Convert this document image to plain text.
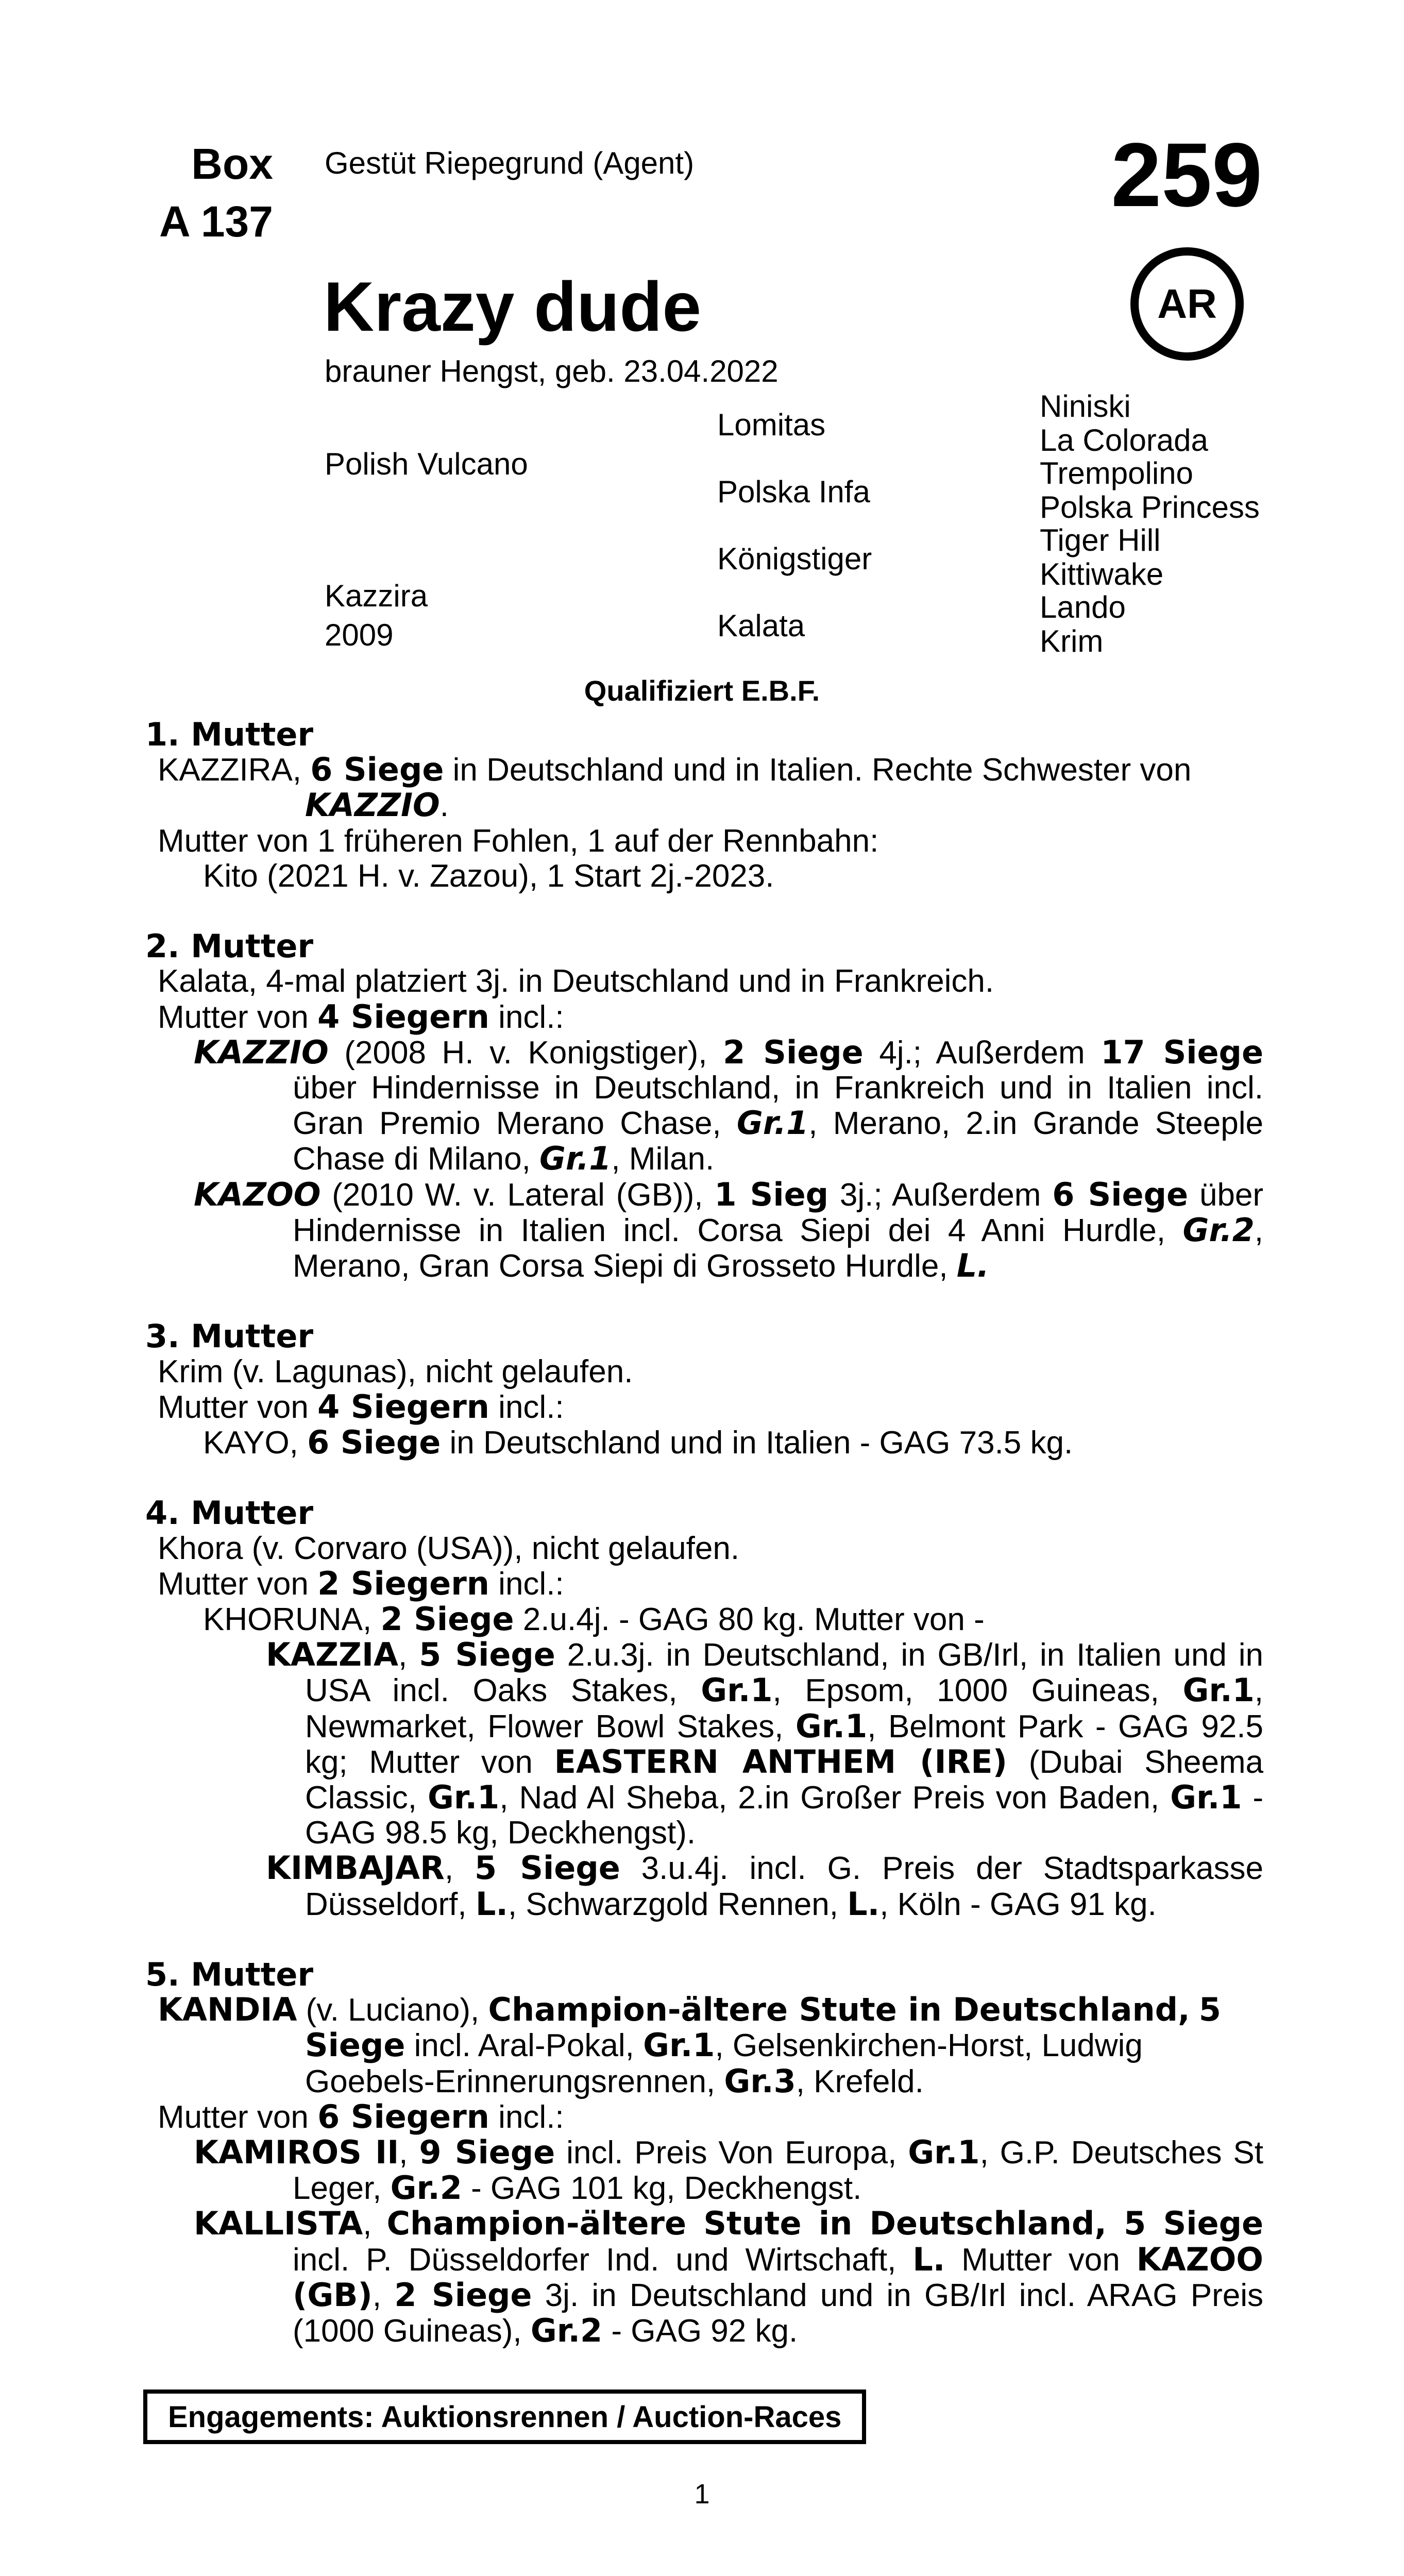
Box
A 137
Gestüt Riepegrund (Agent)	259
AR
Krazy dude
brauner Hengst, geb. 23.04.2022
Polish Vulcano
Kazzira
2009
Lomitas
Polska Infa
Königstiger
Kalata
Niniski
La Colorada
Trempolino
Polska Princess
Tiger Hill
Kittiwake
Lando
Krim
Qualifiziert E.B.F.
1. Mutter

KAZZIRA, 6 Siege in Deutschland und in Italien. Rechte Schwester von KAZZIO.

Mutter von 1 früheren Fohlen, 1 auf der Rennbahn:

Kito (2021 H. v. Zazou), 1 Start 2j.-2023.

2. Mutter

Kalata, 4-mal platziert 3j. in Deutschland und in Frankreich.

Mutter von 4 Siegern incl.:

KAZZIO (2008 H. v. Konigstiger), 2 Siege 4j.; Außerdem 17 Siege über Hindernisse in Deutschland, in Frankreich und in Italien incl. Gran Premio Merano Chase, Gr.1, Merano, 2.in Grande Steeple Chase di Milano, Gr.1, Milan.

KAZOO (2010 W. v. Lateral (GB)), 1 Sieg 3j.; Außerdem 6 Siege über Hindernisse in Italien incl. Corsa Siepi dei 4 Anni Hurdle, Gr.2, Merano, Gran Corsa Siepi di Grosseto Hurdle, L.

3. Mutter

Krim (v. Lagunas), nicht gelaufen.

Mutter von 4 Siegern incl.:

KAYO, 6 Siege in Deutschland und in Italien - GAG 73.5 kg.

4. Mutter

Khora (v. Corvaro (USA)), nicht gelaufen.

Mutter von 2 Siegern incl.:

KHORUNA, 2 Siege 2.u.4j. - GAG 80 kg. Mutter von -

KAZZIA, 5 Siege 2.u.3j. in Deutschland, in GB/Irl, in Italien und in USA incl. Oaks Stakes, Gr.1, Epsom, 1000 Guineas, Gr.1, Newmarket, Flower Bowl Stakes, Gr.1, Belmont Park - GAG 92.5 kg; Mutter von EASTERN ANTHEM (IRE) (Dubai Sheema Classic, Gr.1, Nad Al Sheba, 2.in Großer Preis von Baden, Gr.1 - GAG 98.5 kg, Deckhengst).

KIMBAJAR, 5 Siege 3.u.4j. incl. G. Preis der Stadtsparkasse Düsseldorf, L., Schwarzgold Rennen, L., Köln - GAG 91 kg.

5. Mutter

KANDIA (v. Luciano), Champion-ältere Stute in Deutschland, 5 Siege incl. Aral-Pokal, Gr.1, Gelsenkirchen-Horst, Ludwig Goebels-Erinnerungsrennen, Gr.3, Krefeld.

Mutter von 6 Siegern incl.:

KAMIROS II, 9 Siege incl. Preis Von Europa, Gr.1, G.P. Deutsches St Leger, Gr.2 - GAG 101 kg, Deckhengst.

KALLISTA, Champion-ältere Stute in Deutschland, 5 Siege incl. P. Düsseldorfer Ind. und Wirtschaft, L. Mutter von KAZOO (GB), 2 Siege 3j. in Deutschland und in GB/Irl incl. ARAG Preis (1000 Guineas), Gr.2 - GAG 92 kg.

Engagements: Auktionsrennen / Auction-Races
1
